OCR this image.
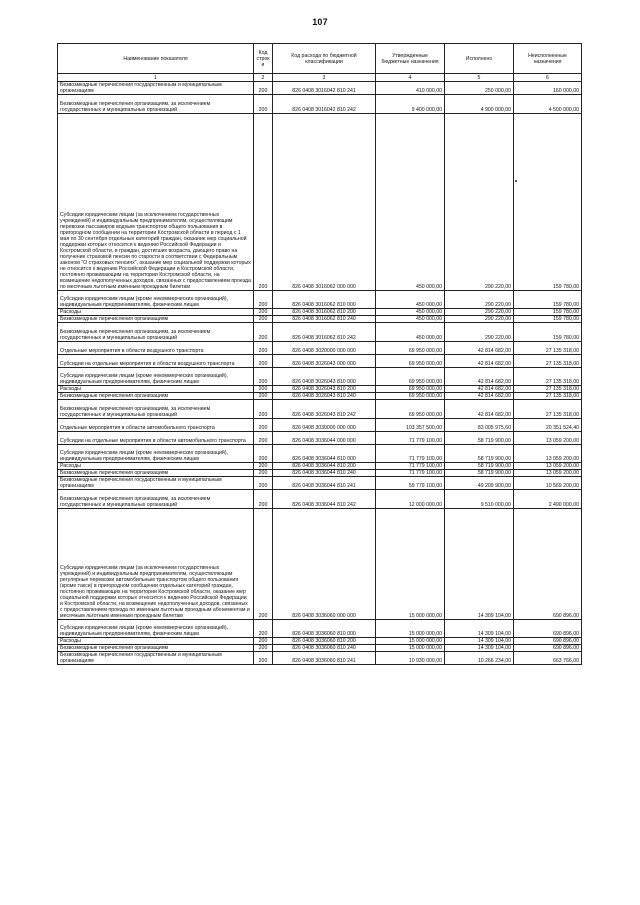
107
Наименование показателя	Код строк и	Код расхода по бюджетной классификации	Утвержденные бюджетные назначения	Исполнено	Неисполненные назначения
1	2	3	4	5	6
Безвозмездные перечисления государственным и муниципальным организациям	200	826 0408 3016042 810 241	410 000,00	250 000,00	160 000,00
Безвозмездные перечисления организациям, за исключением государственных и муниципальных организаций	200	826 0408 3016042 810 242	9 400 000,00	4 900 000,00	4 500 000,00
Субсидии юридическим лицам (за исключением государственных учреждений) и индивидуальным предпринимателям, осуществляющим перевозки пассажиров водным транспортом общего пользования в пригородном сообщении на территории Костромской области в период с 1 мая по 30 сентября отдельных категорий граждан, оказание мер социальной поддержки которых относится к ведению Российской Федерации и Костромской области, и граждан, достигших возраста, дающего право на получение страховой пенсии по старости в соответствии с Федеральным законом "О страховых пенсиях", оказание мер социальной поддержки которых не относится к ведению Российской Федерации и Костромской области, постоянно проживающим на территории Костромской области, на возмещение недополученных доходов, связанных с предоставлением проезда по месячным льготным именным проездным билетам	200	826 0408 3016062 000 000	450 000,00	290 220,00	159 780,00
Субсидии юридическим лицам (кроме некоммерческих организаций), индивидуальным предпринимателям, физическим лицам	200	826 0408 3016062 810 000	450 000,00	290 220,00	159 780,00
Расходы	200	826 0408 3016062 810 200	450 000,00	290 220,00	159 780,00
Безвозмездные перечисления организациям	200	826 0408 3016062 810 240	450 000,00	290 220,00	159 780,00
Безвозмездные перечисления организациям, за исключением государственных и муниципальных организаций	200	826 0408 3016062 810 242	450 000,00	290 220,00	159 780,00
Отдельные мероприятия в области воздушного транспорта	200	826 0408 3020000 000 000	69 950 000,00	42 814 682,00	27 135 318,00
Субсидии на отдельные мероприятия в области воздушного транспорта	200	826 0408 3026043 000 000	69 950 000,00	42 814 682,00	27 135 318,00
Субсидии юридическим лицам (кроме некоммерческих организаций), индивидуальным предпринимателям, физическим лицам	200	826 0408 3026043 810 000	69 950 000,00	42 814 682,00	27 135 318,00
Расходы	200	826 0408 3026043 810 200	69 950 000,00	42 814 682,00	27 135 318,00
Безвозмездные перечисления организациям	200	826 0408 3026043 810 240	69 950 000,00	42 814 682,00	27 135 318,00
Безвозмездные перечисления организациям, за исключением государственных и муниципальных организаций	200	826 0408 3026043 810 242	69 950 000,00	42 814 682,00	27 135 318,00
Отдельные мероприятия в области автомобильного транспорта	200	826 0408 3030000 000 000	103 357 500,00	83 005 975,60	20 351 524,40
Субсидии на отдельные мероприятия в области автомобильного транспорта	200	826 0408 3036044 000 000	71 779 100,00	58 719 900,00	13 059 200,00
Субсидии юридическим лицам (кроме некоммерческих организаций), индивидуальным предпринимателям, физическим лицам	200	826 0408 3036044 810 000	71 779 100,00	58 719 900,00	13 059 200,00
Расходы	200	826 0408 3036044 810 200	71 779 100,00	58 719 900,00	13 059 200,00
Безвозмездные перечисления организациям	200	826 0408 3036044 810 240	71 779 100,00	58 719 900,00	13 059 200,00
Безвозмездные перечисления государственным и муниципальным организациям	200	826 0408 3036044 810 241	59 779 100,00	49 209 900,00	10 569 200,00
Безвозмездные перечисления организациям, за исключением государственных и муниципальных организаций	200	826 0408 3036044 810 242	12 000 000,00	9 510 000,00	2 490 000,00
Субсидии юридическим лицам (за исключением государственных учреждений) и индивидуальным предпринимателям, осуществляющим регулярные перевозки автомобильным транспортом общего пользования (кроме такси) в пригородном сообщении отдельных категорий граждан, постоянно проживающих на территории Костромской области, оказание мер социальной поддержки которых относится к ведению Российской Федерации и Костромской области, на возмещение недополученных доходов, связанных с предоставлением проезда по именным льготным проездным абонементам и месячным льготным именным проездным билетам	200	826 0408 3036060 000 000	15 000 000,00	14 309 104,00	690 896,00
Субсидии юридическим лицам (кроме некоммерческих организаций), индивидуальным предпринимателям, физическим лицам	200	826 0408 3036060 810 000	15 000 000,00	14 309 104,00	690 896,00
Расходы	200	826 0408 3036060 810 200	15 000 000,00	14 309 104,00	690 896,00
Безвозмездные перечисления организациям	200	826 0408 3036060 810 240	15 000 000,00	14 309 104,00	690 896,00
Безвозмездные перечисления государственным и муниципальным организациям	200	826 0408 3036060 810 241	10 930 000,00	10 266 234,00	663 766,00
